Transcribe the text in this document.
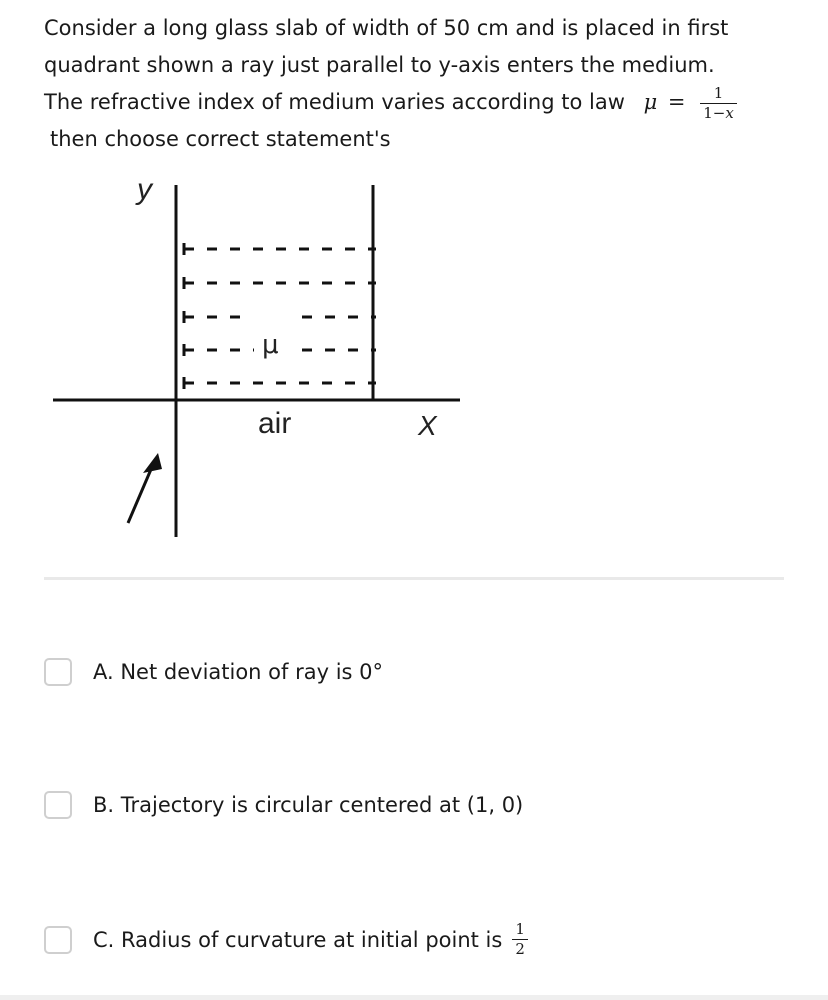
Consider a long glass slab of width of 50 cm and is placed in first
quadrant shown a ray just parallel to y-axis enters the medium.
The refractive index of medium varies according to law $\mu = \frac{1}{1-x}$
then choose correct statement's
y
X
μ
air
A. Net deviation of ray is 0°
B. Trajectory is circular centered at (1, 0)
C. Radius of curvature at initial point is $\frac{1}{2}$
